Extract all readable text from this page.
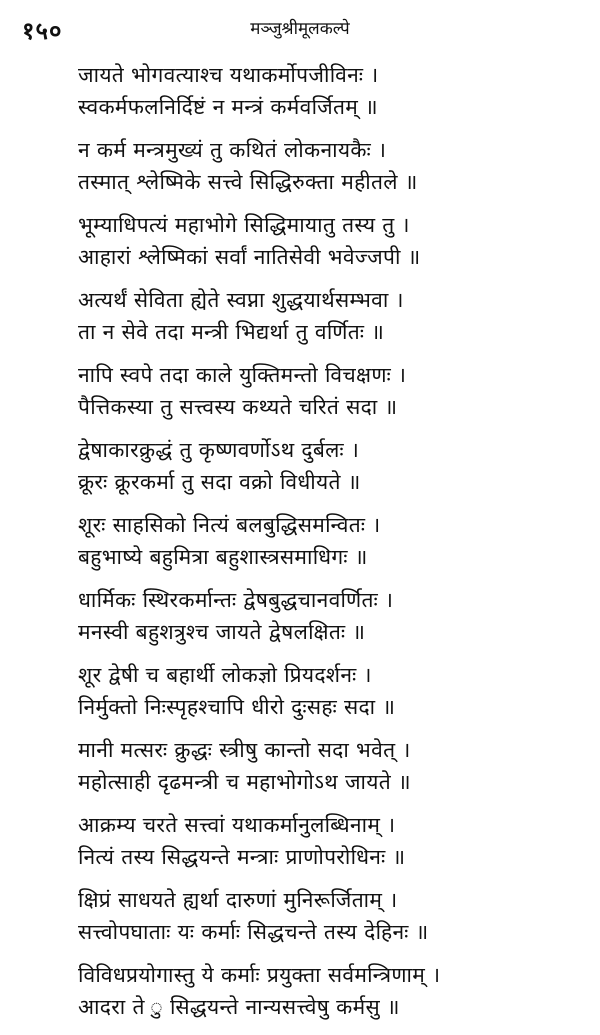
१५०	मञ्जुश्रीमूलकल्पे
जायते भोगवत्याश्च यथाकर्मोपजीविनः ।
स्वकर्मफलनिर्दिष्टं न मन्त्रं कर्मवर्जितम् ॥
न कर्म मन्त्रमुख्यं तु कथितं लोकनायकैः ।
तस्मात् श्लेष्मिके सत्त्वे सिद्धिरुक्ता महीतले ॥
भूम्याधिपत्यं महाभोगे सिद्धिमायातु तस्य तु ।
आहारां श्लेष्मिकां सर्वां नातिसेवी भवेज्जपी ॥
अत्यर्थं सेविता ह्येते स्वप्ना शुद्धयार्थसम्भवा ।
ता न सेवे तदा मन्त्री भिद्यर्था तु वर्णितः ॥
नापि स्वपे तदा काले युक्तिमन्तो विचक्षणः ।
पैत्तिकस्या तु सत्त्वस्य कथ्यते चरितं सदा ॥
द्वेषाकारक्रुद्धं तु कृष्णवर्णोऽथ दुर्बलः ।
क्रूरः क्रूरकर्मा तु सदा वक्रो विधीयते ॥
शूरः साहसिको नित्यं बलबुद्धिसमन्वितः ।
बहुभाष्ये बहुमित्रा बहुशास्त्रसमाधिगः ॥
धार्मिकः स्थिरकर्मान्तः द्वेषबुद्धचानवर्णितः ।
मनस्वी बहुशत्रुश्च जायते द्वेषलक्षितः ॥
शूर द्वेषी च बहार्थी लोकज्ञो प्रियदर्शनः ।
निर्मुक्तो निःस्पृहश्चापि धीरो दुःसहः सदा ॥
मानी मत्सरः क्रुद्धः स्त्रीषु कान्तो सदा भवेत् ।
महोत्साही दृढमन्त्री च महाभोगोऽथ जायते ॥
आक्रम्य चरते सत्त्वां यथाकर्मानुलब्धिनाम् ।
नित्यं तस्य सिद्धयन्ते मन्त्राः प्राणोपरोधिनः ॥
क्षिप्रं साधयते ह्यर्था दारुणां मुनिरूर्जिताम् ।
सत्त्वोपघाताः यः कर्माः सिद्धचन्ते तस्य देहिनः ॥
विविधप्रयोगास्तु ये कर्माः प्रयुक्ता सर्वमन्त्रिणाम् ।
आदरा ते ु सिद्धयन्ते नान्यसत्त्वेषु कर्मसु ॥
